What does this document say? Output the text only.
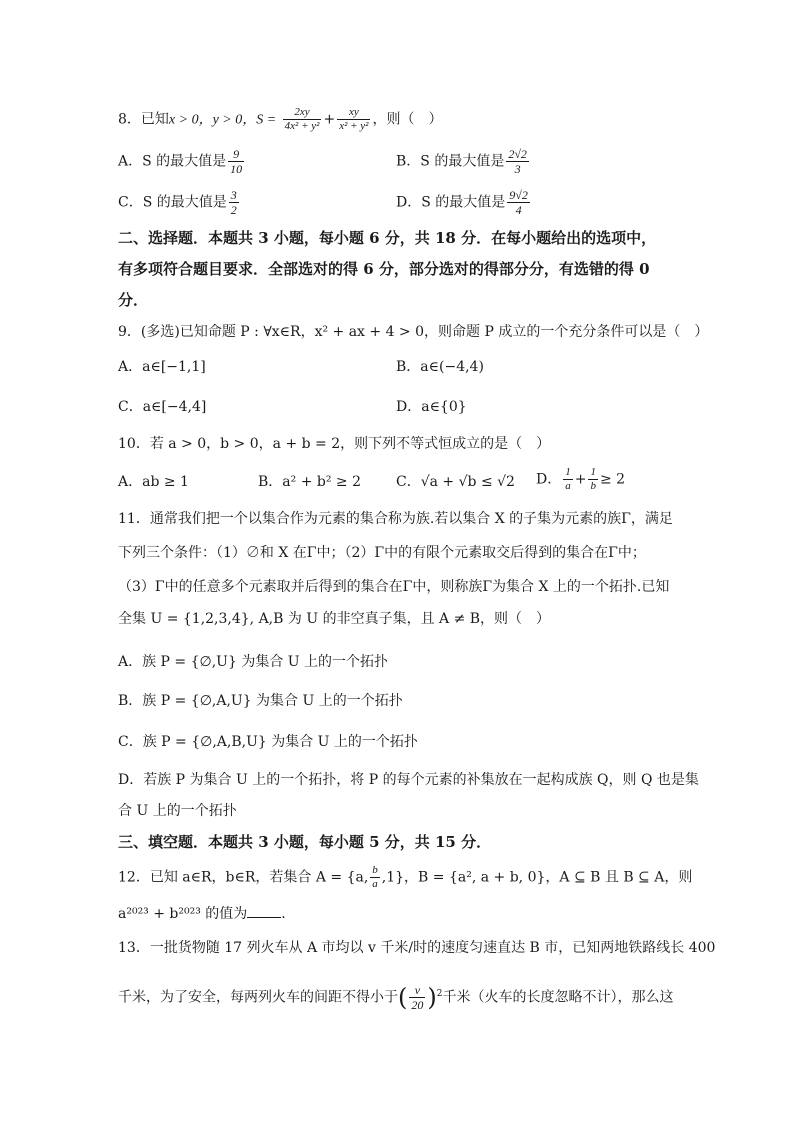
8．已知x > 0，y > 0，$S = \frac{2xy}{\text{4x² + y²}} + \frac{xy}{\text{x² + y²}}$ ，则（　）
A．S 的最大值是 $\frac{9}{10}$	B．S 的最大值是 $\frac{2√2}{3}$
C．S 的最大值是 $\frac{3}{2}$	D．S 的最大值是 $\frac{9√2}{4}$
二、选择题．本题共 3 小题，每小题 6 分，共 18 分．在每小题给出的选项中，
有多项符合题目要求．全部选对的得 6 分，部分选对的得部分分，有选错的得 0
分．
9．(多选)已知命题 P : ∀x∈R，x² + ax + 4 > 0，则命题 P 成立的一个充分条件可以是（　）
A．a∈[−1,1]	B．a∈(−4,4)
C．a∈[−4,4]	D．a∈{0}
10．若 a > 0，b > 0，a + b = 2，则下列不等式恒成立的是（　）
A．ab ≥ 1	B．a² + b² ≥ 2	C．√a + √b ≤ √2 D． $\frac{1}{a} + \frac{1}{b} \ge 2$
11．通常我们把一个以集合作为元素的集合称为族.若以集合 X 的子集为元素的族Γ，满足
下列三个条件：（1）∅和 X 在Γ中；（2）Γ中的有限个元素取交后得到的集合在Γ中；
（3）Γ中的任意多个元素取并后得到的集合在Γ中，则称族Γ为集合 X 上的一个拓扑.已知
全集 U = {1,2,3,4}, A,B 为 U 的非空真子集，且 A ≠ B，则（　）
A．族 P = {∅,U} 为集合 U 上的一个拓扑
B．族 P = {∅,A,U} 为集合 U 上的一个拓扑
C．族 P = {∅,A,B,U} 为集合 U 上的一个拓扑
D．若族 P 为集合 U 上的一个拓扑，将 P 的每个元素的补集放在一起构成族 Q，则 Q 也是集
合 U 上的一个拓扑
三、填空题．本题共 3 小题，每小题 5 分，共 15 分．
12．已知 a∈R，b∈R，若集合 A = {a, $\frac{b}{a} ,1$}，B = {a², a + b, 0}，A ⊆ B 且 B ⊆ A，则
a²⁰²³ + b²⁰²³ 的值为 .
13．一批货物随 17 列火车从 A 市均以 v 千米/时的速度匀速直达 B 市，已知两地铁路线长 400
千米，为了安全，每两列火车的间距不得小于( $\frac{v}{20} )^2$千米（火车的长度忽略不计），那么这
